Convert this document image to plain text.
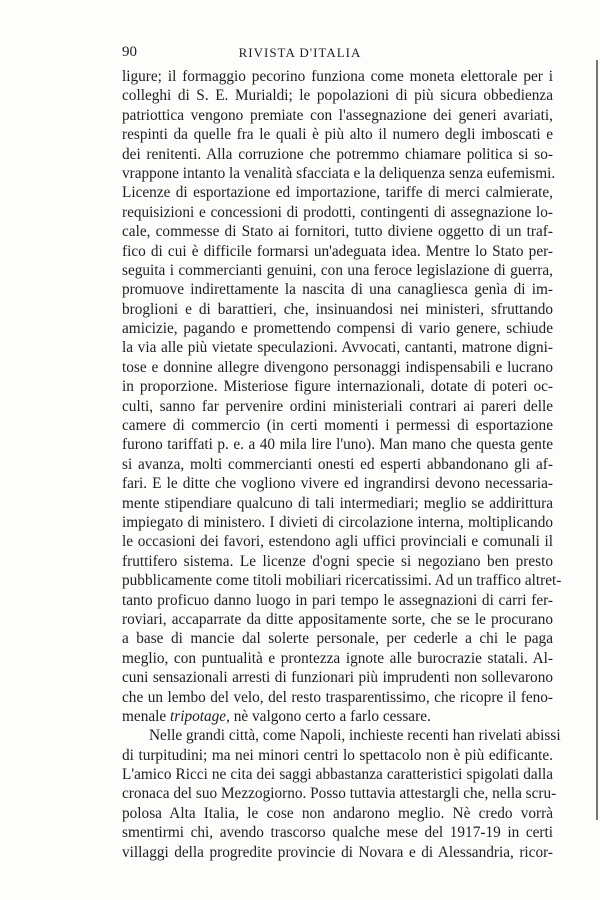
90	RIVISTA D'ITALIA
ligure; il formaggio pecorino funziona come moneta elettorale per i
colleghi di S. E. Murialdi; le popolazioni di più sicura obbedienza
patriottica vengono premiate con l'assegnazione dei generi avariati,
respinti da quelle fra le quali è più alto il numero degli imboscati e
dei renitenti. Alla corruzione che potremmo chiamare politica si so-
vrappone intanto la venalità sfacciata e la deliquenza senza eufemismi.
Licenze di esportazione ed importazione, tariffe di merci calmierate,
requisizioni e concessioni di prodotti, contingenti di assegnazione lo-
cale, commesse di Stato ai fornitori, tutto diviene oggetto di un traf-
fico di cui è difficile formarsi un'adeguata idea. Mentre lo Stato per-
seguita i commercianti genuini, con una feroce legislazione di guerra,
promuove indirettamente la nascita di una canagliesca genìa di im-
broglioni e di barattieri, che, insinuandosi nei ministeri, sfruttando
amicizie, pagando e promettendo compensi di vario genere, schiude
la via alle più vietate speculazioni. Avvocati, cantanti, matrone digni-
tose e donnine allegre divengono personaggi indispensabili e lucrano
in proporzione. Misteriose figure internazionali, dotate di poteri oc-
culti, sanno far pervenire ordini ministeriali contrari ai pareri delle
camere di commercio (in certi momenti i permessi di esportazione
furono tariffati p. e. a 40 mila lire l'uno). Man mano che questa gente
si avanza, molti commercianti onesti ed esperti abbandonano gli af-
fari. E le ditte che vogliono vivere ed ingrandirsi devono necessaria-
mente stipendiare qualcuno di tali intermediari; meglio se addirittura
impiegato di ministero. I divieti di circolazione interna, moltiplicando
le occasioni dei favori, estendono agli uffici provinciali e comunali il
fruttifero sistema. Le licenze d'ogni specie si negoziano ben presto
pubblicamente come titoli mobiliari ricercatissimi. Ad un traffico altret-
tanto proficuo danno luogo in pari tempo le assegnazioni di carri fer-
roviari, accaparrate da ditte appositamente sorte, che se le procurano
a base di mancie dal solerte personale, per cederle a chi le paga
meglio, con puntualità e prontezza ignote alle burocrazie statali. Al-
cuni sensazionali arresti di funzionari più imprudenti non sollevarono
che un lembo del velo, del resto trasparentissimo, che ricopre il feno-
menale tripotage, nè valgono certo a farlo cessare.
Nelle grandi città, come Napoli, inchieste recenti han rivelati abissi
di turpitudini; ma nei minori centri lo spettacolo non è più edificante.
L'amico Ricci ne cita dei saggi abbastanza caratteristici spigolati dalla
cronaca del suo Mezzogiorno. Posso tuttavia attestargli che, nella scru-
polosa Alta Italia, le cose non andarono meglio. Nè credo vorrà
smentirmi chi, avendo trascorso qualche mese del 1917-19 in certi
villaggi della progredite provincie di Novara e di Alessandria, ricor-
